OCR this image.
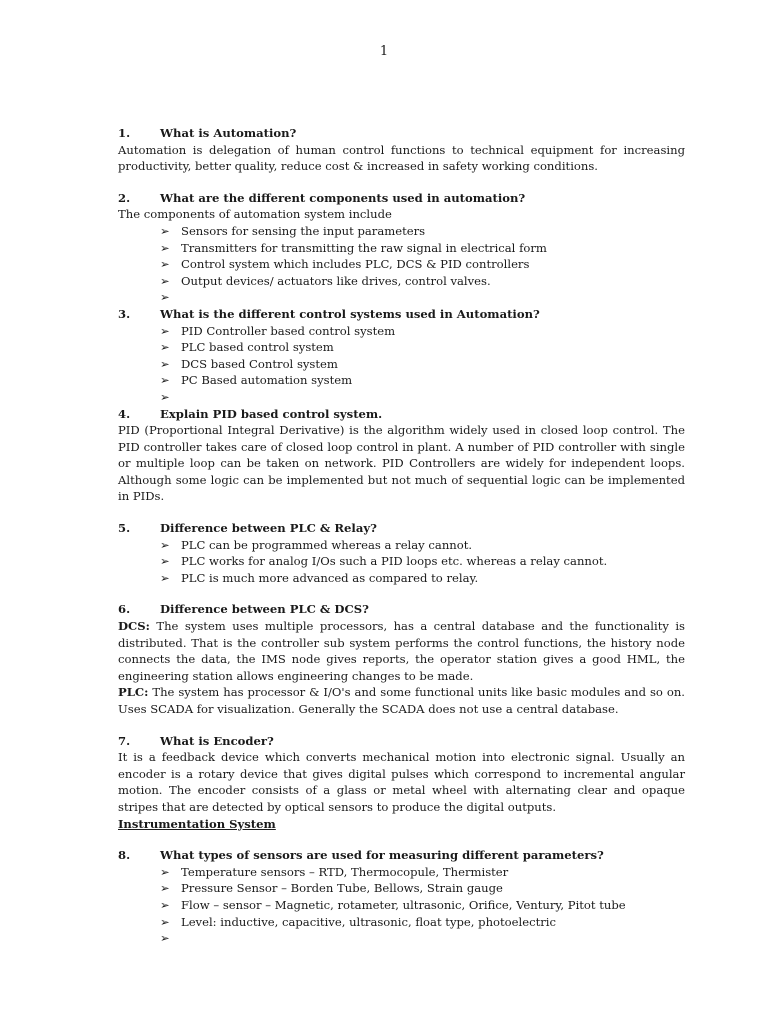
1
1.	What is Automation?
Automation is delegation of human control functions to technical equipment for increasing productivity, better quality, reduce cost & increased in safety working conditions.
2.	What are the different components used in automation?
The components of automation system include
➢ Sensors for sensing the input parameters
➢ Transmitters for transmitting the raw signal in electrical form
➢ Control system which includes PLC, DCS & PID controllers
➢ Output devices/ actuators like drives, control valves.
➢
3.	What is the different control systems used in Automation?
➢ PID Controller based control system
➢ PLC based control system
➢ DCS based Control system
➢ PC Based automation system
➢
4.	Explain PID based control system.
PID (Proportional Integral Derivative) is the algorithm widely used in closed loop control. The PID controller takes care of closed loop control in plant. A number of PID controller with single or multiple loop can be taken on network. PID Controllers are widely for independent loops. Although some logic can be implemented but not much of sequential logic can be implemented in PIDs.
5.	Difference between PLC & Relay?
➢ PLC can be programmed whereas a relay cannot.
➢ PLC works for analog I/Os such a PID loops etc. whereas a relay cannot.
➢ PLC is much more advanced as compared to relay.
6.	Difference between PLC & DCS?
DCS: The system uses multiple processors, has a central database and the functionality is distributed. That is the controller sub system performs the control functions, the history node connects the data, the IMS node gives reports, the operator station gives a good HML, the engineering station allows engineering changes to be made.
PLC: The system has processor & I/O's and some functional units like basic modules and so on. Uses SCADA for visualization. Generally the SCADA does not use a central database.
7.	What is Encoder?
It is a feedback device which converts mechanical motion into electronic signal. Usually an encoder is a rotary device that gives digital pulses which correspond to incremental angular motion. The encoder consists of a glass or metal wheel with alternating clear and opaque stripes that are detected by optical sensors to produce the digital outputs.
Instrumentation System
8.	What types of sensors are used for measuring different parameters?
➢ Temperature sensors – RTD, Thermocopule, Thermister
➢ Pressure Sensor – Borden Tube, Bellows, Strain gauge
➢ Flow – sensor – Magnetic, rotameter, ultrasonic, Orifice, Ventury, Pitot tube
➢ Level: inductive, capacitive, ultrasonic, float type, photoelectric
➢
